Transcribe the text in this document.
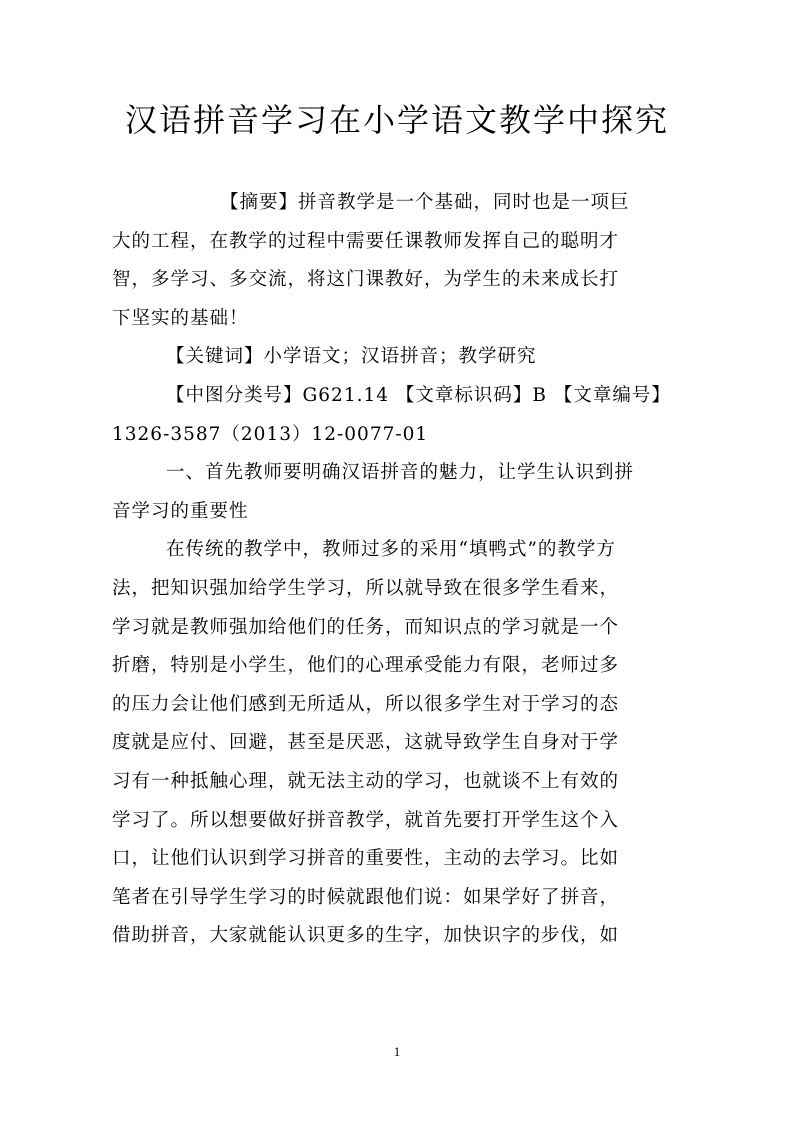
汉语拼音学习在小学语文教学中探究
【摘要】拼音教学是一个基础，同时也是一项巨
大的工程，在教学的过程中需要任课教师发挥自己的聪明才
智，多学习、多交流，将这门课教好，为学生的未来成长打
下坚实的基础！
【关键词】小学语文；汉语拼音；教学研究
【中图分类号】G621.14 【文章标识码】B 【文章编号】
1326-3587（2013）12-0077-01
一、首先教师要明确汉语拼音的魅力，让学生认识到拼
音学习的重要性
在传统的教学中，教师过多的采用“填鸭式”的教学方
法，把知识强加给学生学习，所以就导致在很多学生看来，
学习就是教师强加给他们的任务，而知识点的学习就是一个
折磨，特别是小学生，他们的心理承受能力有限，老师过多
的压力会让他们感到无所适从，所以很多学生对于学习的态
度就是应付、回避，甚至是厌恶，这就导致学生自身对于学
习有一种抵触心理，就无法主动的学习，也就谈不上有效的
学习了。所以想要做好拼音教学，就首先要打开学生这个入
口，让他们认识到学习拼音的重要性，主动的去学习。比如
笔者在引导学生学习的时候就跟他们说：如果学好了拼音，
借助拼音，大家就能认识更多的生字，加快识字的步伐，如
1
